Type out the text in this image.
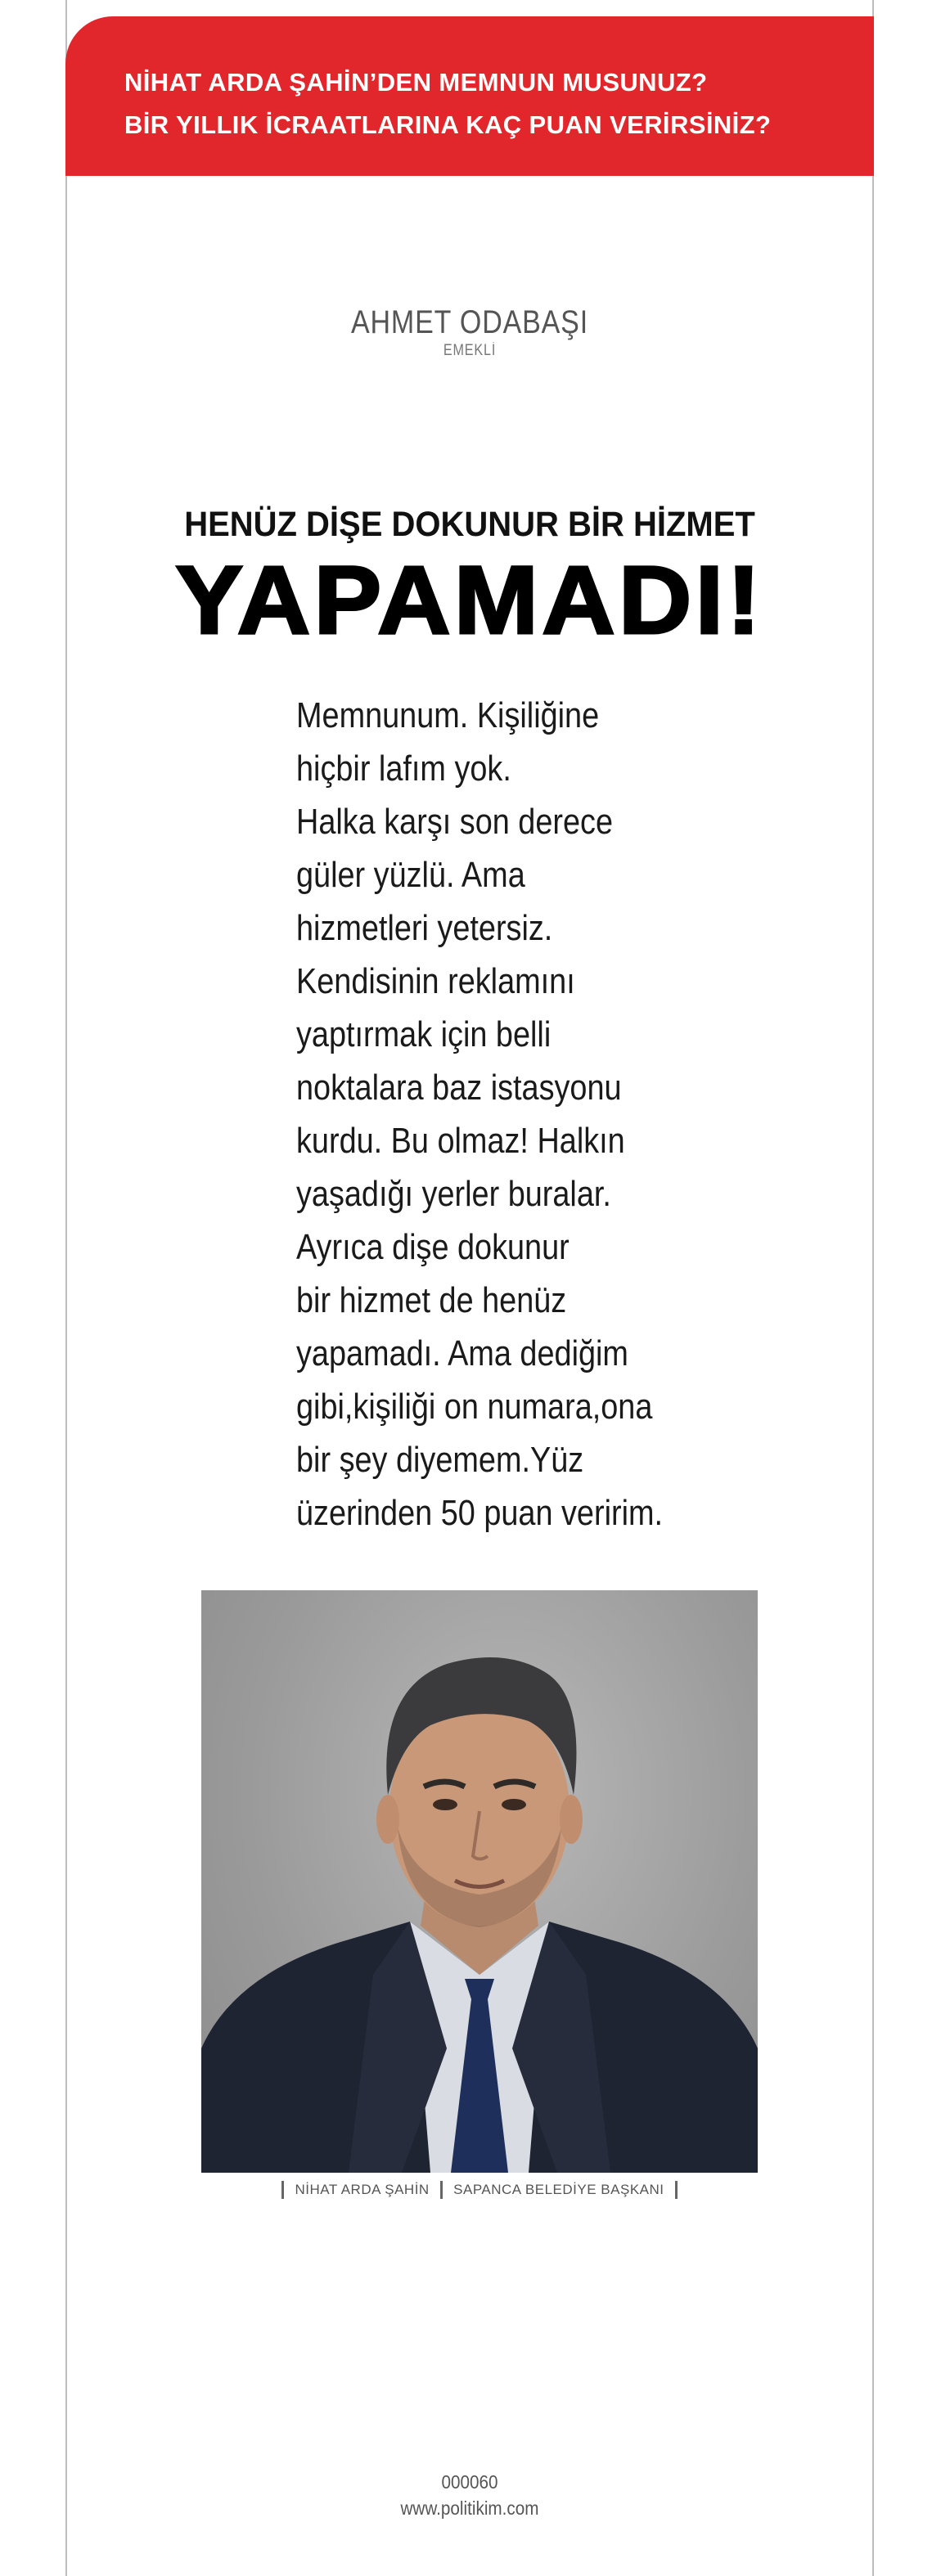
NİHAT ARDA ŞAHİN’DEN MEMNUN MUSUNUZ?
BİR YILLIK İCRAATLARINA KAÇ PUAN VERİRSİNİZ?
AHMET ODABAŞI
EMEKLİ
HENÜZ DİŞE DOKUNUR BİR HİZMET
YAPAMADI!
Memnunum. Kişiliğine
hiçbir lafım yok.
Halka karşı son derece
güler yüzlü. Ama
hizmetleri yetersiz.
Kendisinin reklamını
yaptırmak için belli
noktalara baz istasyonu
kurdu. Bu olmaz! Halkın
yaşadığı yerler buralar.
Ayrıca dişe dokunur
bir hizmet de henüz
yapamadı. Ama dediğim
gibi,kişiliği on numara,ona
bir şey diyemem.Yüz
üzerinden 50 puan veririm.
NİHAT ARDA ŞAHİN SAPANCA BELEDİYE BAŞKANI
000060
www.politikim.com
